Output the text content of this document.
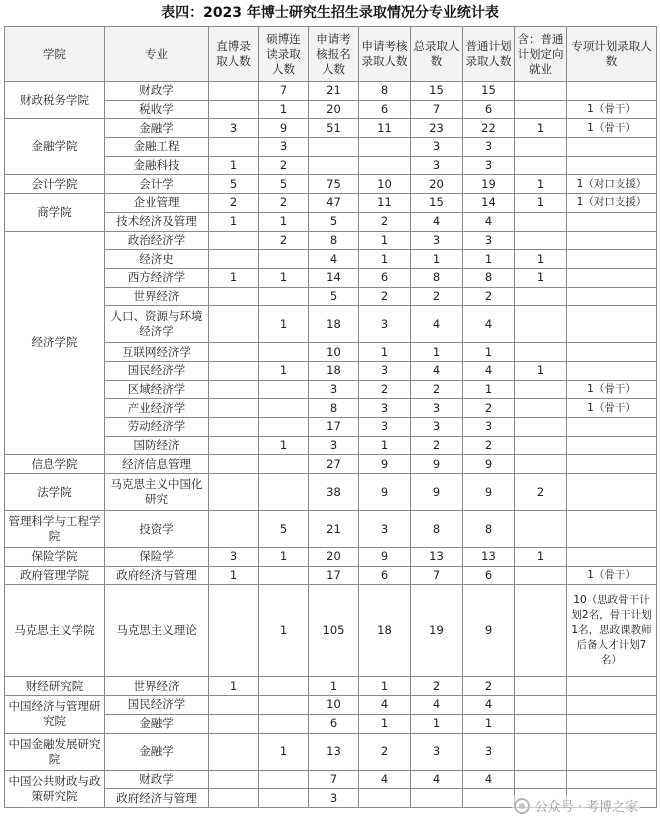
表四：2023 年博士研究生招生录取情况分专业统计表
学院	专业	直博录取人数	硕博连读录取人数	申请考核报名人数	申请考核录取人数	总录取人数	普通计划录取人数	含：普通计划定向就业	专项计划录取人数
财政税务学院	财政学		7	21	8	15	15		
	税收学		1	20	6	7	6		1（骨干）
金融学院	金融学	3	9	51	11	23	22	1	1（骨干）
	金融工程		3			3	3		
	金融科技	1	2			3	3		
会计学院	会计学	5	5	75	10	20	19	1	1（对口支援）
商学院	企业管理	2	2	47	11	15	14	1	1（对口支援）
	技术经济及管理	1	1	5	2	4	4		
经济学院	政治经济学		2	8	1	3	3		
	经济史			4	1	1	1	1	
	西方经济学	1	1	14	6	8	8	1	
	世界经济			5	2	2	2		
	人口、资源与环境经济学		1	18	3	4	4		
	互联网经济学			10	1	1	1		
	国民经济学		1	18	3	4	4	1	
	区域经济学			3	2	2	1		1（骨干）
	产业经济学			8	3	3	2		1（骨干）
	劳动经济学			17	3	3	3		
	国防经济		1	3	1	2	2		
信息学院	经济信息管理			27	9	9	9		
法学院	马克思主义中国化研究			38	9	9	9	2	
管理科学与工程学院	投资学		5	21	3	8	8		
保险学院	保险学	3	1	20	9	13	13	1	
政府管理学院	政府经济与管理	1		17	6	7	6		1（骨干）
马克思主义学院	马克思主义理论		1	105	18	19	9		10（思政骨干计划2名，骨干计划1名，思政课教师后备人才计划7名）
财经研究院	世界经济	1		1	1	2	2		
中国经济与管理研究院	国民经济学			10	4	4	4		
	金融学			6	1	1	1		
中国金融发展研究院	金融学		1	13	2	3	3		
中国公共财政与政策研究院	财政学			7	4	4	4		
	政府经济与管理			3					
公众号 · 考博之家
